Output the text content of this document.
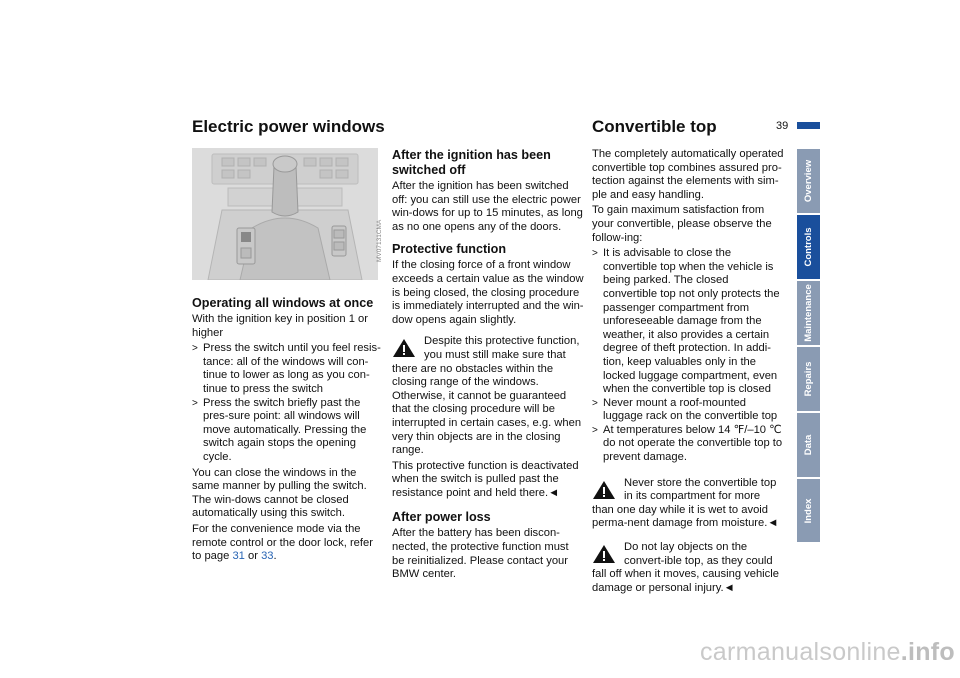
Electric power windows
MV07131CMA
Operating all windows at once

With the ignition key in position 1 or higher

> Press the switch until you feel resis-tance: all of the windows will con-tinue to lower as long as you con-tinue to press the switch
> Press the switch briefly past the pres-sure point: all windows will move automatically. Pressing the switch again stops the opening cycle.

You can close the windows in the same manner by pulling the switch. The win-dows cannot be closed automatically using this switch.

For the convenience mode via the remote control or the door lock, refer to page 31 or 33.

After the ignition has been switched off

After the ignition has been switched off: you can still use the electric power win-dows for up to 15 minutes, as long as no one opens any of the doors.

Protective function

If the closing force of a front window exceeds a certain value as the window is being closed, the closing procedure is immediately interrupted and the win-dow opens again slightly.

Despite this protective function, you must still make sure that there are no obstacles within the closing range of the windows. Otherwise, it cannot be guaranteed that the closing procedure will be interrupted in certain cases, e.g. when very thin objects are in the closing range.

This protective function is deactivated when the switch is pulled past the resistance point and held there.◄

After power loss

After the battery has been discon-nected, the protective function must be reinitialized. Please contact your BMW center.

Convertible top

The completely automatically operated convertible top combines assured pro-tection against the elements with sim-ple and easy handling.

To gain maximum satisfaction from your convertible, please observe the follow-ing:

> It is advisable to close the convertible top when the vehicle is being parked. The closed convertible top not only protects the passenger compartment from unforeseeable damage from the weather, it also provides a certain degree of theft protection. In addi-tion, keep valuables only in the locked luggage compartment, even when the convertible top is closed
> Never mount a roof-mounted luggage rack on the convertible top
> At temperatures below 14 ℉/–10 ℃ do not operate the convertible top to prevent damage.

Never store the convertible top in its compartment for more than one day while it is wet to avoid perma-nent damage from moisture.◄

Do not lay objects on the convert-ible top, as they could fall off when it moves, causing vehicle damage or personal injury.◄

39
Overview
Controls
Maintenance
Repairs
Data
Index
carmanualsonline.info
